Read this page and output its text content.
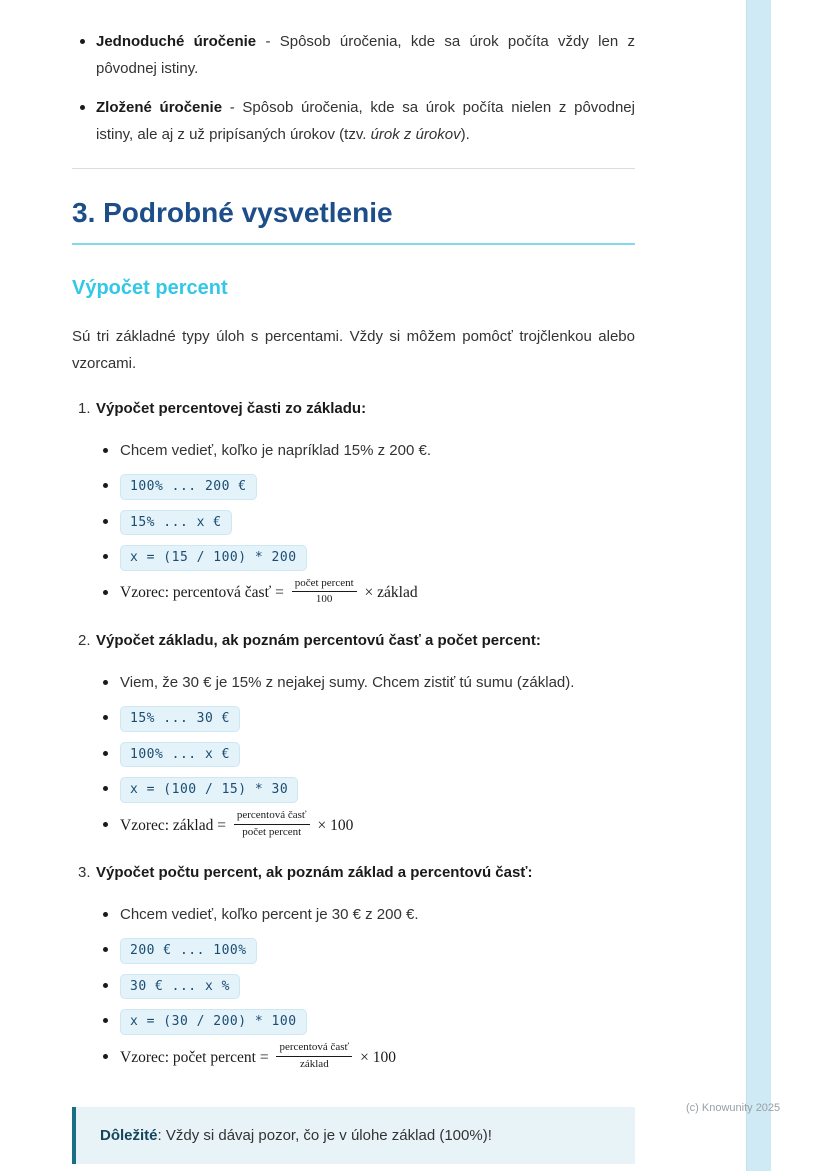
(c) Knowunity 2025
Jednoduché úročenie - Spôsob úročenia, kde sa úrok počíta vždy len z pôvodnej istiny.
Zložené úročenie - Spôsob úročenia, kde sa úrok počíta nielen z pôvodnej istiny, ale aj z už pripísaných úrokov (tzv. úrok z úrokov).
3. Podrobné vysvetlenie
Výpočet percent

Sú tri základné typy úloh s percentami. Vždy si môžem pomôcť trojčlenkou alebo vzorcami.

1. Výpočet percentovej časti zo základu:
Chcem vedieť, koľko je napríklad 15% z 200 €.
100% ... 200 €
15% ... x €
x = (15 / 100) * 200
Vzorec: percentová časť = $\frac{\text{počet percent}}{100}$ × základ
2. Výpočet základu, ak poznám percentovú časť a počet percent:
Viem, že 30 € je 15% z nejakej sumy. Chcem zistiť tú sumu (základ).
15% ... 30 €
100% ... x €
x = (100 / 15) * 30
Vzorec: základ = $\frac{\text{percentová časť}}{\text{počet percent}} \times 100$
3. Výpočet počtu percent, ak poznám základ a percentovú časť:
Chcem vedieť, koľko percent je 30 € z 200 €.
200 € ... 100%
30 € ... x %
x = (30 / 200) * 100
Vzorec: počet percent = $\frac{\text{percentová časť}}{\text{základ}} \times 100$
Dôležité: Vždy si dávaj pozor, čo je v úlohe základ (100%)!
